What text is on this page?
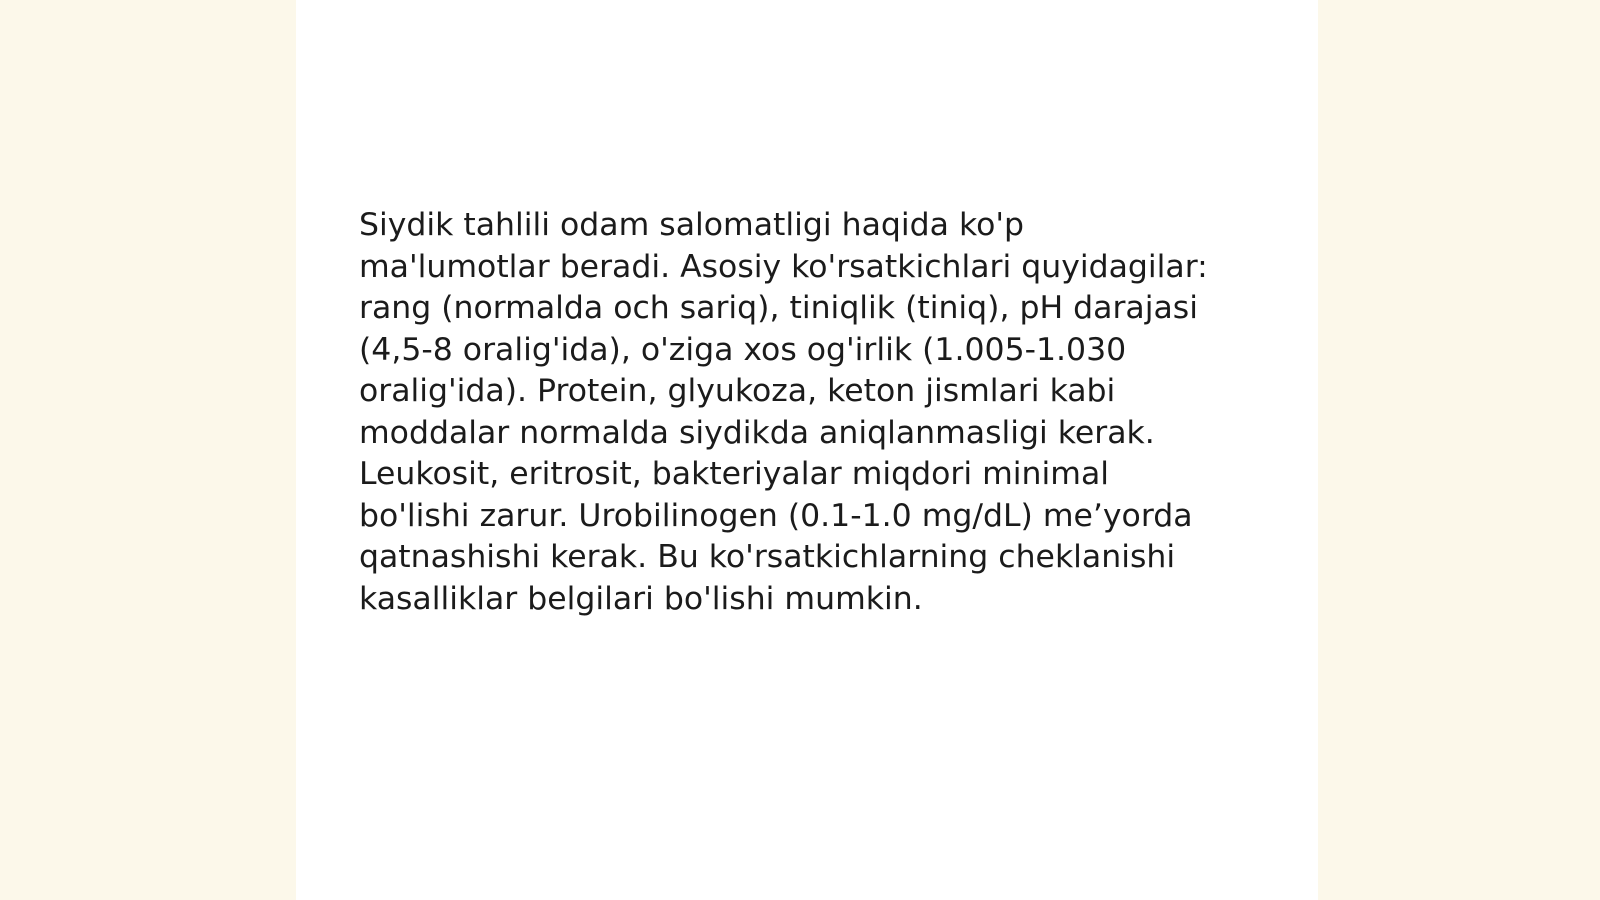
Siydik tahlili odam salomatligi haqida ko'p
ma'lumotlar beradi. Asosiy ko'rsatkichlari quyidagilar:
rang (normalda och sariq), tiniqlik (tiniq), pH darajasi
(4,5-8 oralig'ida), o'ziga xos og'irlik (1.005-1.030
oralig'ida). Protein, glyukoza, keton jismlari kabi
moddalar normalda siydikda aniqlanmasligi kerak.
Leukosit, eritrosit, bakteriyalar miqdori minimal
bo'lishi zarur. Urobilinogen (0.1-1.0 mg/dL) me’yorda
qatnashishi kerak. Bu ko'rsatkichlarning cheklanishi
kasalliklar belgilari bo'lishi mumkin.
